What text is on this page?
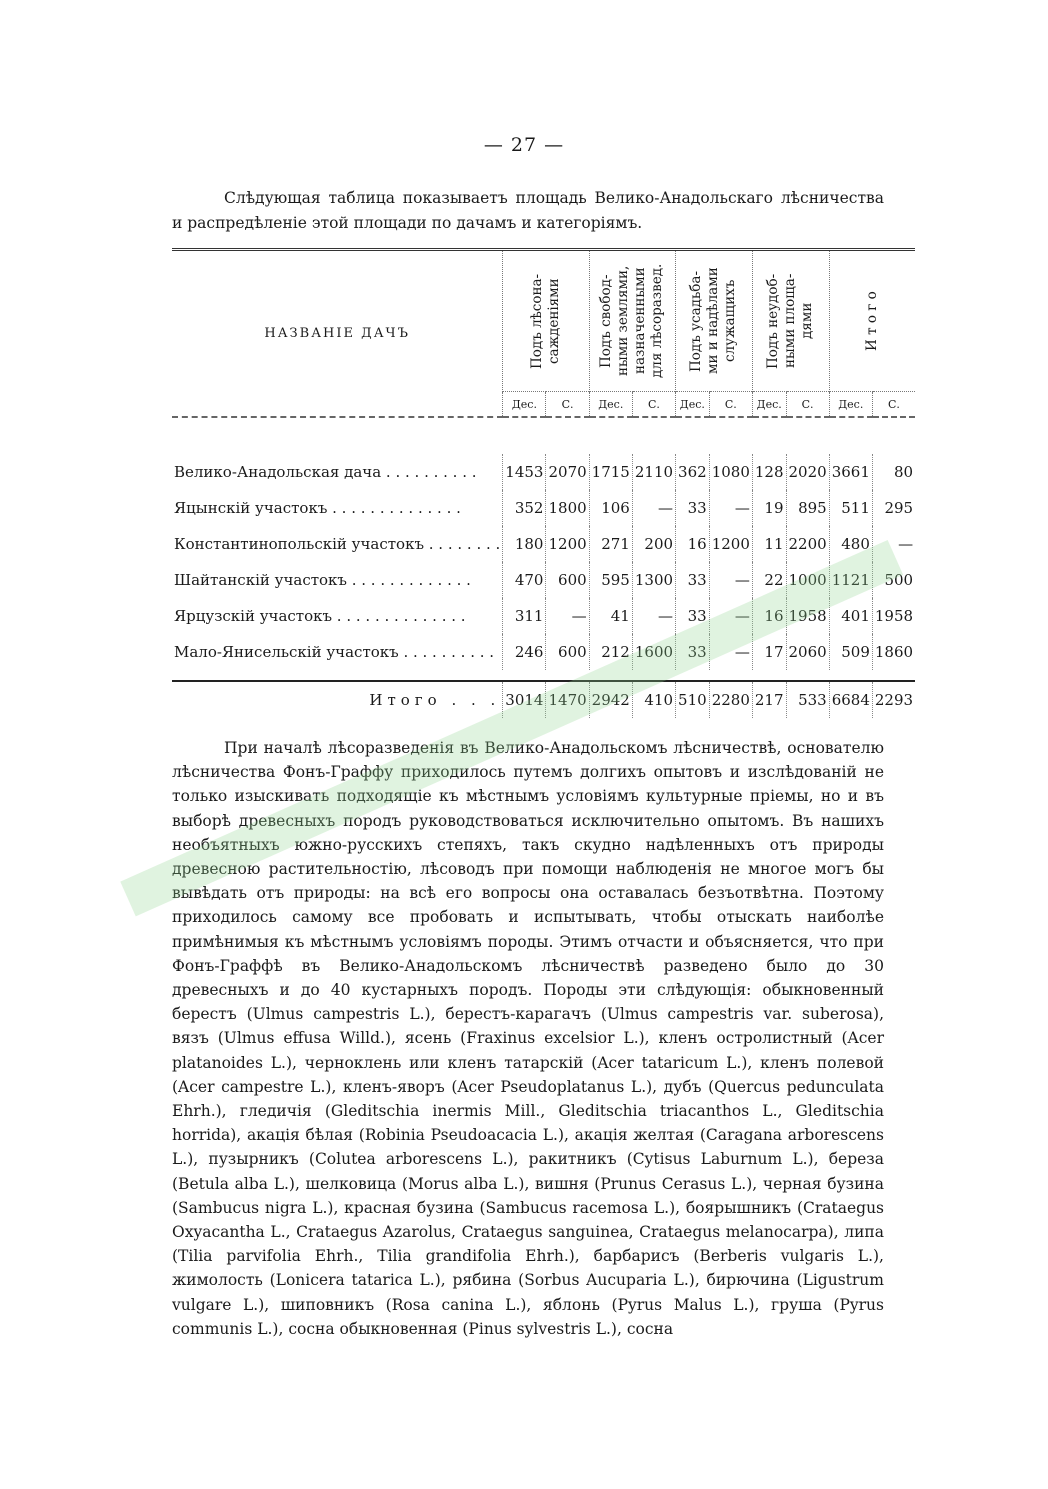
— 27 —

Слѣдующая таблица показываетъ площадь Велико-Анадольскаго лѣсничества и распредѣленіе этой площади по дачамъ и категоріямъ.

НАЗВАНІЕ ДАЧЪ	Подъ лѣсона-
сажденіями		Подъ свобод-
ными землями,
назначенными
для лѣсоразвед.		Подъ усадьба-
ми и надѣлами
служащихъ		Подъ неудоб-
ными площа-
дями		И т о г о	

	Дес.	С.	Дес.	С.	Дес.	С.	Дес.	С.	Дес.	С.

Велико-Анадольская дача . . . . . . . . . .	1453	2070	1715	2110	362	1080	128	2020	3661	80
Яцынскій участокъ . . . . . . . . . . . . . .	352	1800	106	—	33	—	19	895	511	295
Константинопольскій участокъ . . . . . . . .	180	1200	271	200	16	1200	11	2200	480	—
Шайтанскій участокъ . . . . . . . . . . . . .	470	600	595	1300	33	—	22	1000	1121	500
Ярцузскій участокъ . . . . . . . . . . . . . .	311	—	41	—	33	—	16	1958	401	1958
Мало-Янисельскій участокъ . . . . . . . . . .	246	600	212	1600	33	—	17	2060	509	1860

Итого . . .	3014	1470	2942	410	510	2280	217	533	6684	2293

При началѣ лѣсоразведенія въ Велико-Анадольскомъ лѣсничествѣ, основателю лѣсничества Фонъ-Граффу приходилось путемъ долгихъ опытовъ и изслѣдованій не только изыскивать подходящіе къ мѣстнымъ условіямъ культурные пріемы, но и въ выборѣ древесныхъ породъ руководствоваться исключительно опытомъ. Въ нашихъ необъятныхъ южно-русскихъ степяхъ, такъ скудно надѣленныхъ отъ природы древесною растительностію, лѣсоводъ при помощи наблюденія не многое могъ бы вывѣдать отъ природы: на всѣ его вопросы она оставалась безъотвѣтна. Поэтому приходилось самому все пробовать и испытывать, чтобы отыскать наиболѣе примѣнимыя къ мѣстнымъ условіямъ породы. Этимъ отчасти и объясняется, что при Фонъ-Граффѣ въ Велико-Анадольскомъ лѣсничествѣ разведено было до 30 древесныхъ и до 40 кустарныхъ породъ. Породы эти слѣдующія: обыкновенный берестъ (Ulmus campestris L.), берестъ-карагачъ (Ulmus campestris var. suberosa), вязъ (Ulmus effusa Willd.), ясень (Fraxinus excelsior L.), кленъ остролистный (Acer platanoides L.), черноклень или кленъ татарскій (Acer tataricum L.), кленъ полевой (Acer campestre L.), кленъ-яворъ (Acer Pseudoplatanus L.), дубъ (Quercus pedunculata Ehrh.), гледичія (Gleditschia inermis Mill., Gleditschia triacanthos L., Gleditschia horrida), акація бѣлая (Robinia Pseudoacacia L.), акація желтая (Caragana arborescens L.), пузырникъ (Colutea arborescens L.), ракитникъ (Cytisus Laburnum L.), береза (Betula alba L.), шелковица (Morus alba L.), вишня (Prunus Cerasus L.), черная бузина (Sambucus nigra L.), красная бузина (Sambucus racemosa L.), боярышникъ (Crataegus Oxyacantha L., Crataegus Azarolus, Crataegus sanguinea, Crataegus melanocarpa), липа (Tilia parvifolia Ehrh., Tilia grandifolia Ehrh.), барбарисъ (Berberis vulgaris L.), жимолость (Lonicera tatarica L.), рябина (Sorbus Aucuparia L.), бирючина (Ligustrum vulgare L.), шиповникъ (Rosa canina L.), яблонь (Pyrus Malus L.), груша (Pyrus communis L.), сосна обыкновенная (Pinus sylvestris L.), сосна
